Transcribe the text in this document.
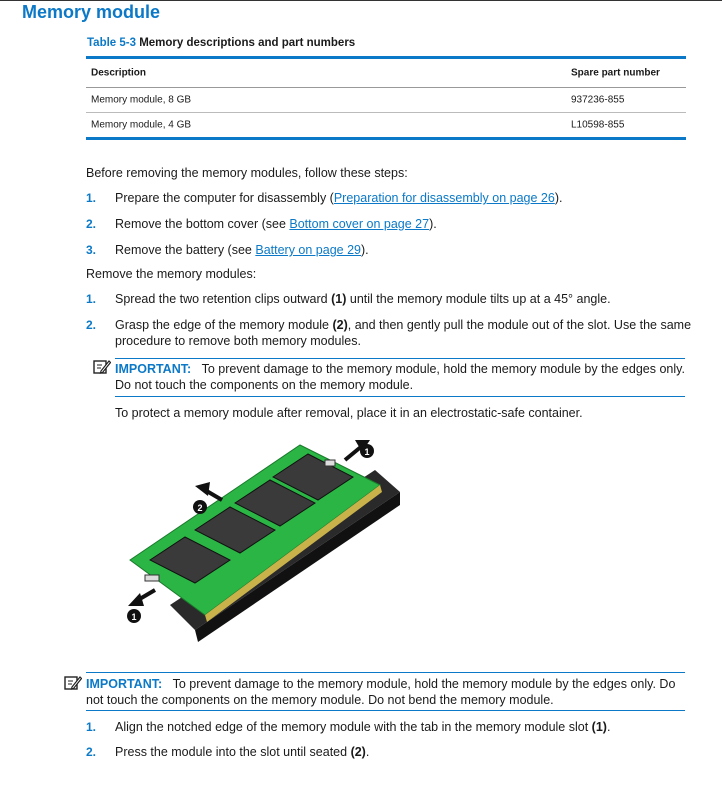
Memory module
Table 5-3 Memory descriptions and part numbers
Description	Spare part number
Memory module, 8 GB	937236-855
Memory module, 4 GB	L10598-855
Before removing the memory modules, follow these steps:
1. Prepare the computer for disassembly (Preparation for disassembly on page 26).
2. Remove the bottom cover (see Bottom cover on page 27).
3. Remove the battery (see Battery on page 29).
Remove the memory modules:
1. Spread the two retention clips outward (1) until the memory module tilts up at a 45° angle.
2. Grasp the edge of the memory module (2), and then gently pull the module out of the slot. Use the same
procedure to remove both memory modules.
IMPORTANT: To prevent damage to the memory module, hold the memory module by the edges only.
Do not touch the components on the memory module.
To protect a memory module after removal, place it in an electrostatic-safe container.
1
2
1
IMPORTANT: To prevent damage to the memory module, hold the memory module by the edges only. Do
not touch the components on the memory module. Do not bend the memory module.
1. Align the notched edge of the memory module with the tab in the memory module slot (1).
2. Press the module into the slot until seated (2).
